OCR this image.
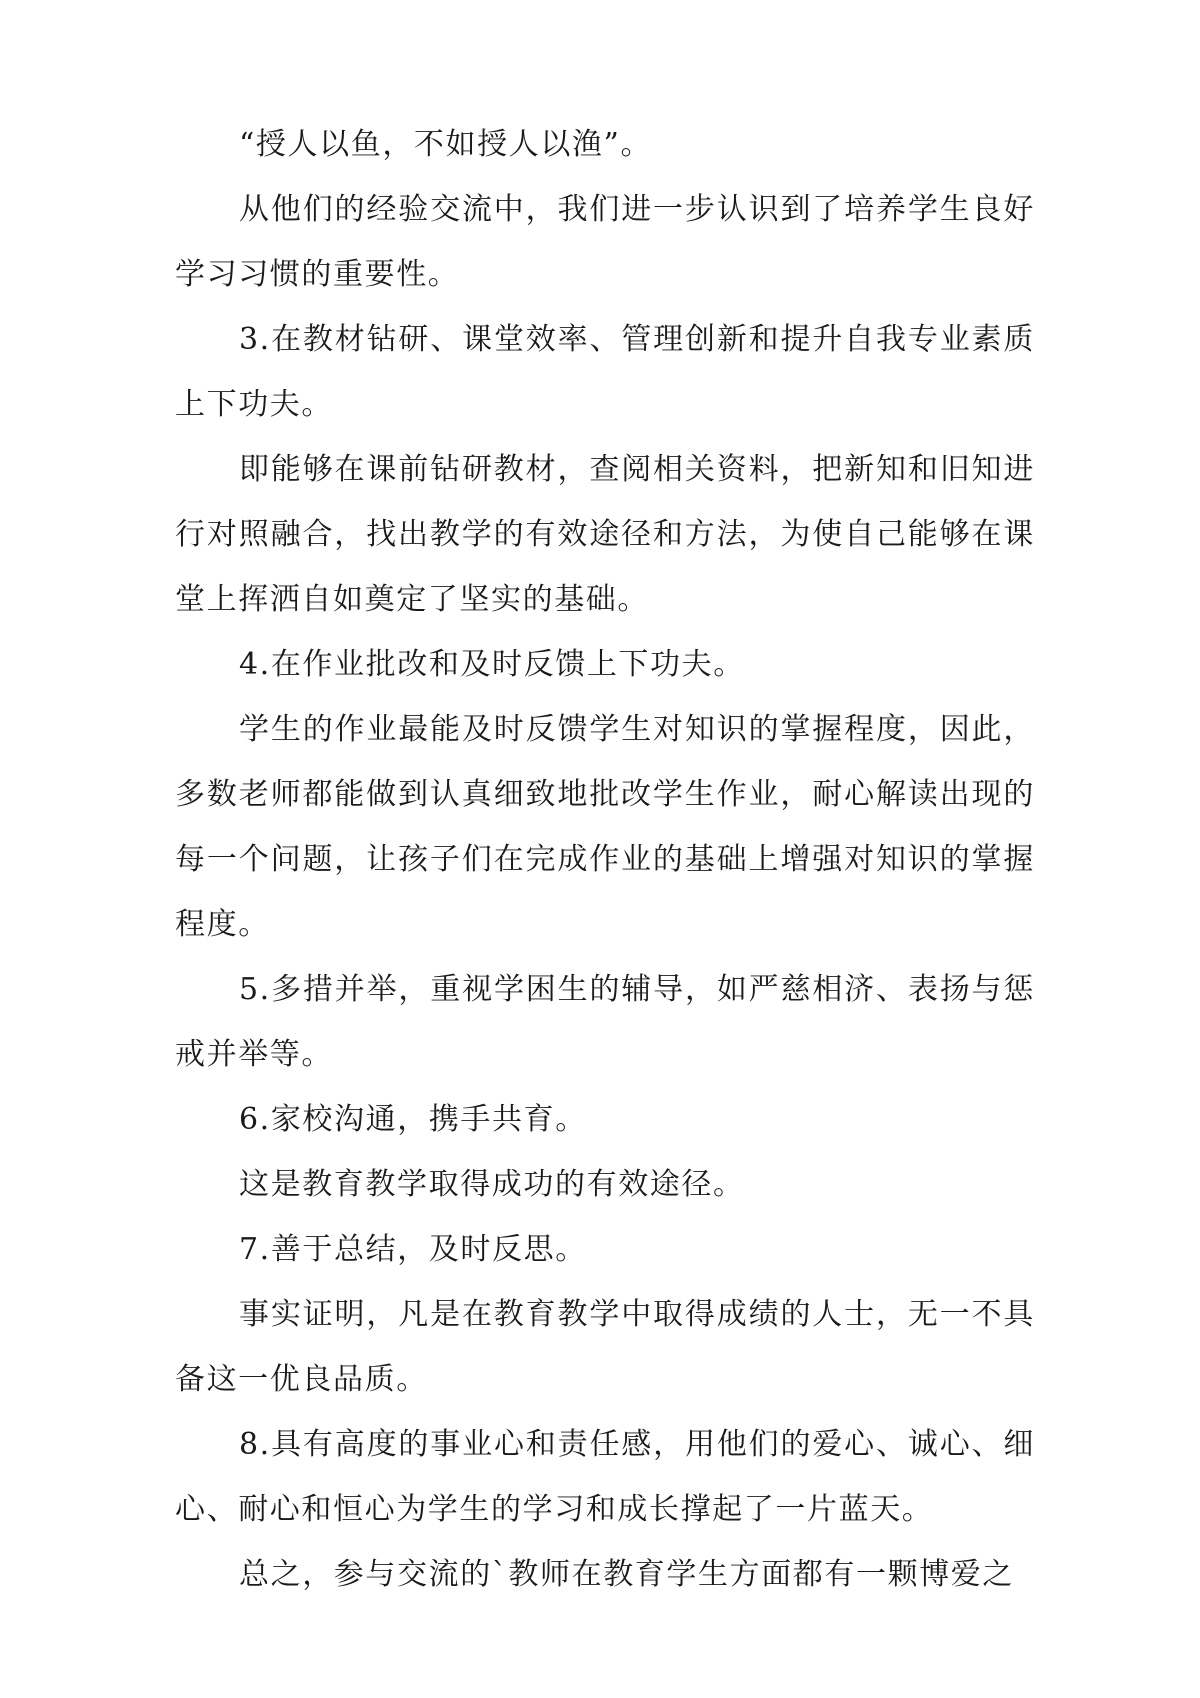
“授人以鱼，不如授人以渔”。

从他们的经验交流中，我们进一步认识到了培养学生良好学习习惯的重要性。

3.在教材钻研、课堂效率、管理创新和提升自我专业素质上下功夫。

即能够在课前钻研教材，查阅相关资料，把新知和旧知进行对照融合，找出教学的有效途径和方法，为使自己能够在课堂上挥洒自如奠定了坚实的基础。

4.在作业批改和及时反馈上下功夫。

学生的作业最能及时反馈学生对知识的掌握程度，因此，多数老师都能做到认真细致地批改学生作业，耐心解读出现的每一个问题，让孩子们在完成作业的基础上增强对知识的掌握程度。

5.多措并举，重视学困生的辅导，如严慈相济、表扬与惩戒并举等。

6.家校沟通，携手共育。

这是教育教学取得成功的有效途径。

7.善于总结，及时反思。

事实证明，凡是在教育教学中取得成绩的人士，无一不具备这一优良品质。

8.具有高度的事业心和责任感，用他们的爱心、诚心、细心、耐心和恒心为学生的学习和成长撑起了一片蓝天。

总之，参与交流的`教师在教育学生方面都有一颗博爱之
